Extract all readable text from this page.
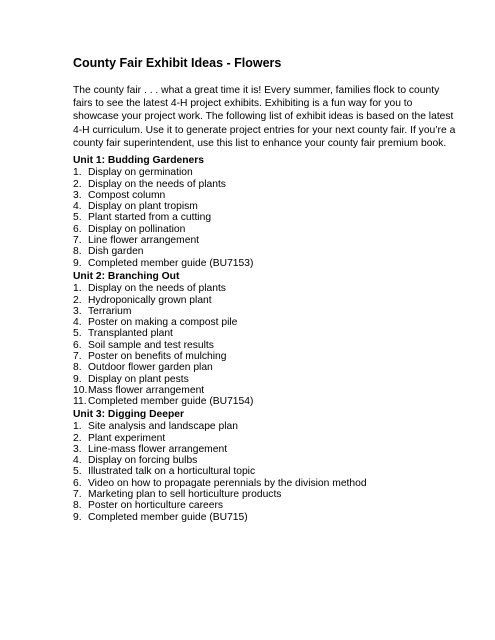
County Fair Exhibit Ideas - Flowers

The county fair . . . what a great time it is! Every summer, families flock to county
fairs to see the latest 4-H project exhibits. Exhibiting is a fun way for you to
showcase your project work. The following list of exhibit ideas is based on the latest
4-H curriculum. Use it to generate project entries for your next county fair. If you’re a
county fair superintendent, use this list to enhance your county fair premium book.

Unit 1: Budding Gardeners
1. Display on germination
2. Display on the needs of plants
3. Compost column
4. Display on plant tropism
5. Plant started from a cutting
6. Display on pollination
7. Line flower arrangement
8. Dish garden
9. Completed member guide (BU7153)
Unit 2: Branching Out
1. Display on the needs of plants
2. Hydroponically grown plant
3. Terrarium
4. Poster on making a compost pile
5. Transplanted plant
6. Soil sample and test results
7. Poster on benefits of mulching
8. Outdoor flower garden plan
9. Display on plant pests
10.Mass flower arrangement
11.Completed member guide (BU7154)
Unit 3: Digging Deeper
1. Site analysis and landscape plan
2. Plant experiment
3. Line-mass flower arrangement
4. Display on forcing bulbs
5. Illustrated talk on a horticultural topic
6. Video on how to propagate perennials by the division method
7. Marketing plan to sell horticulture products
8. Poster on horticulture careers
9. Completed member guide (BU715)
